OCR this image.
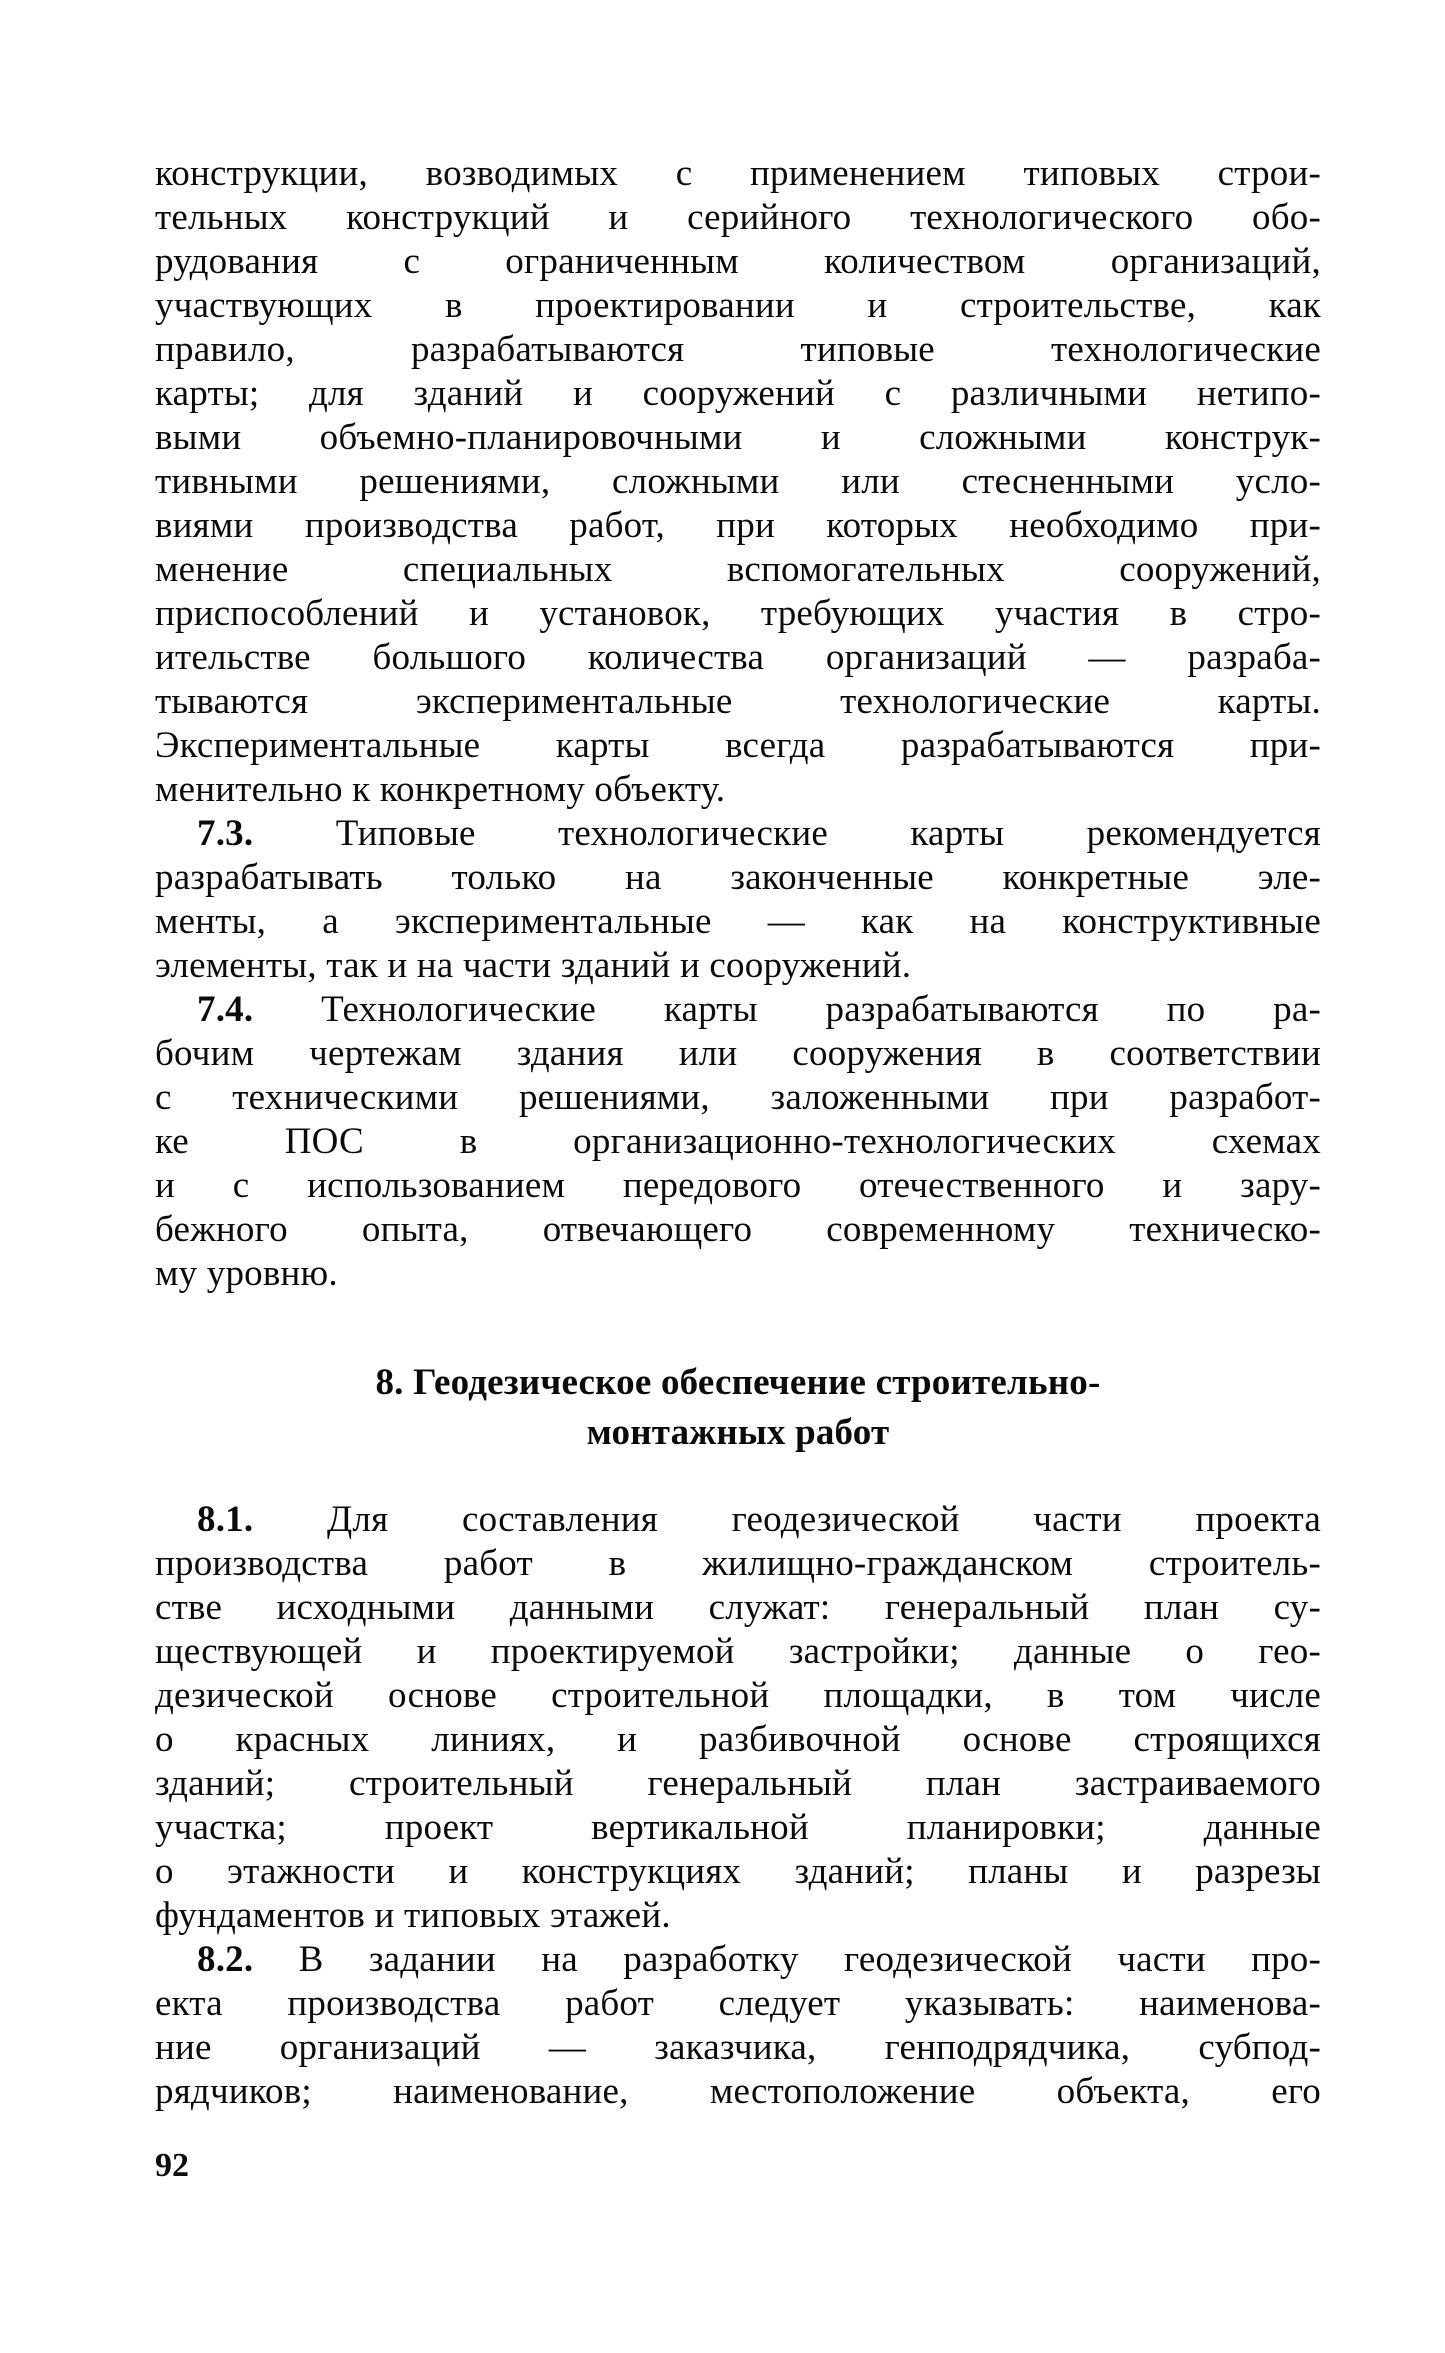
конструкции, возводимых с применением типовых строи-
тельных конструкций и серийного технологического обо-
рудования с ограниченным количеством организаций,
участвующих в проектировании и строительстве, как
правило, разрабатываются типовые технологические
карты; для зданий и сооружений с различными нетипо-
выми объемно-планировочными и сложными конструк-
тивными решениями, сложными или стесненными усло-
виями производства работ, при которых необходимо при-
менение специальных вспомогательных сооружений,
приспособлений и установок, требующих участия в стро-
ительстве большого количества организаций — разраба-
тываются экспериментальные технологические карты.
Экспериментальные карты всегда разрабатываются при-
менительно к конкретному объекту.
7.3. Типовые технологические карты рекомендуется
разрабатывать только на законченные конкретные эле-
менты, а экспериментальные — как на конструктивные
элементы, так и на части зданий и сооружений.
7.4. Технологические карты разрабатываются по ра-
бочим чертежам здания или сооружения в соответствии
с техническими решениями, заложенными при разработ-
ке ПОС в организационно-технологических схемах
и с использованием передового отечественного и зару-
бежного опыта, отвечающего современному техническо-
му уровню.
8. Геодезическое обеспечение строительно-
монтажных работ
8.1. Для составления геодезической части проекта
производства работ в жилищно-гражданском строитель-
стве исходными данными служат: генеральный план су-
ществующей и проектируемой застройки; данные о гео-
дезической основе строительной площадки, в том числе
о красных линиях, и разбивочной основе строящихся
зданий; строительный генеральный план застраиваемого
участка; проект вертикальной планировки; данные
о этажности и конструкциях зданий; планы и разрезы
фундаментов и типовых этажей.
8.2. В задании на разработку геодезической части про-
екта производства работ следует указывать: наименова-
ние организаций — заказчика, генподрядчика, субпод-
рядчиков; наименование, местоположение объекта, его
92
